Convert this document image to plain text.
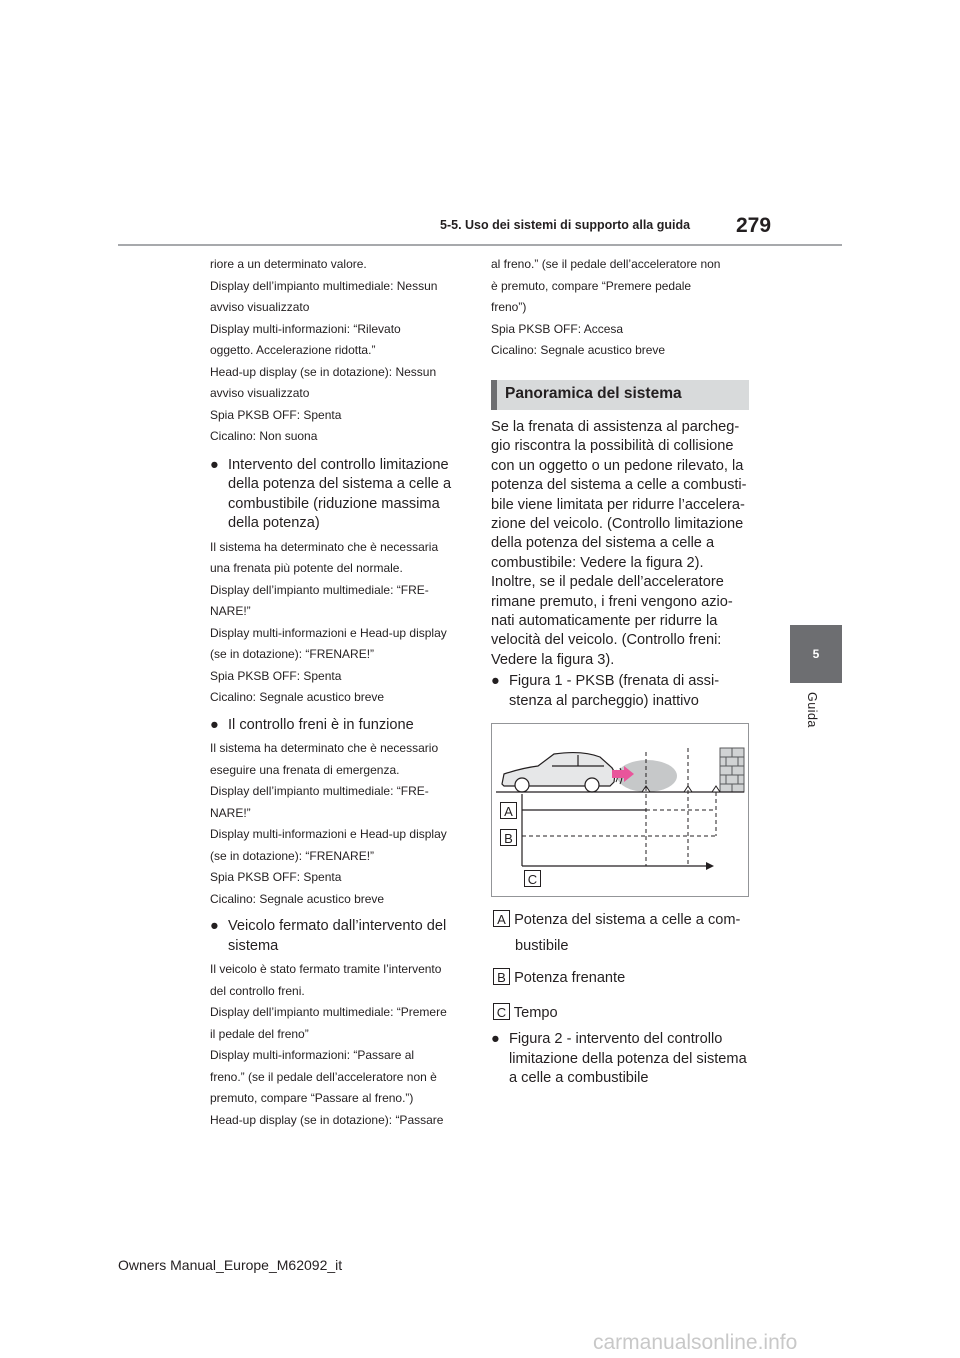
5-5. Uso dei sistemi di supporto alla guida 279
5
Guida

riore a un determinato valore.

Display dell’impianto multimediale: Nessun

avviso visualizzato

Display multi-informazioni: “Rilevato

oggetto. Accelerazione ridotta.”

Head-up display (se in dotazione): Nessun

avviso visualizzato

Spia PKSB OFF: Spenta

Cicalino: Non suona

● Intervento del controllo limitazione

della potenza del sistema a celle a

combustibile (riduzione massima

della potenza)

Il sistema ha determinato che è necessaria

una frenata più potente del normale.

Display dell’impianto multimediale: “FRE-

NARE!”

Display multi-informazioni e Head-up display

(se in dotazione): “FRENARE!”

Spia PKSB OFF: Spenta

Cicalino: Segnale acustico breve

● Il controllo freni è in funzione

Il sistema ha determinato che è necessario

eseguire una frenata di emergenza.

Display dell’impianto multimediale: “FRE-

NARE!”

Display multi-informazioni e Head-up display

(se in dotazione): “FRENARE!”

Spia PKSB OFF: Spenta

Cicalino: Segnale acustico breve

● Veicolo fermato dall’intervento del

sistema

Il veicolo è stato fermato tramite l’intervento

del controllo freni.

Display dell’impianto multimediale: “Premere

il pedale del freno”

Display multi-informazioni: “Passare al

freno.” (se il pedale dell’acceleratore non è

premuto, compare “Passare al freno.”)

Head-up display (se in dotazione): “Passare

al freno.” (se il pedale dell’acceleratore non

è premuto, compare “Premere pedale

freno”)

Spia PKSB OFF: Accesa

Cicalino: Segnale acustico breve

Panoramica del sistema

Se la frenata di assistenza al parcheg-

gio riscontra la possibilità di collisione

con un oggetto o un pedone rilevato, la

potenza del sistema a celle a combusti-

bile viene limitata per ridurre l’accelera-

zione del veicolo. (Controllo limitazione

della potenza del sistema a celle a

combustibile: Vedere la figura 2).

Inoltre, se il pedale dell’acceleratore

rimane premuto, i freni vengono azio-

nati automaticamente per ridurre la

velocità del veicolo. (Controllo freni:

Vedere la figura 3).

● Figura 1 - PKSB (frenata di assi-

stenza al parcheggio) inattivo

A
B
C
A Potenza del sistema a celle a com-
bustibile
B Potenza frenante
C Tempo
● Figura 2 - intervento del controllo

limitazione della potenza del sistema

a celle a combustibile

Owners Manual_Europe_M62092_it
carmanualsonline.info
